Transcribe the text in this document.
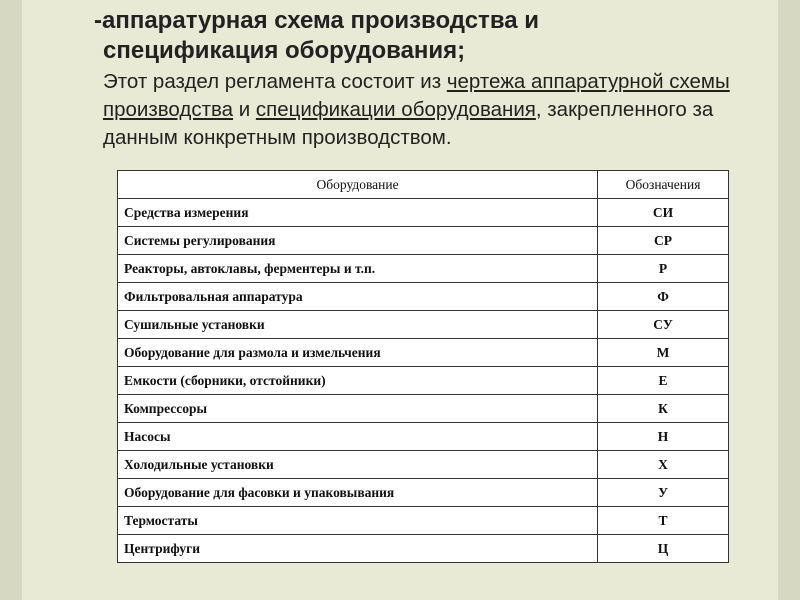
-аппаратурная схема производства и
спецификация оборудования;

Этот раздел регламента состоит из чертежа аппаратурной схемы производства и спецификации оборудования, закрепленного за данным конкретным производством.

Оборудование	Обозначения
Средства измерения	СИ
Системы регулирования	СР
Реакторы, автоклавы, ферментеры и т.п.	Р
Фильтровальная аппаратура	Ф
Сушильные установки	СУ
Оборудование для размола и измельчения	М
Емкости (сборники, отстойники)	Е
Компрессоры	К
Насосы	Н
Холодильные установки	Х
Оборудование для фасовки и упаковывания	У
Термостаты	Т
Центрифуги	Ц
